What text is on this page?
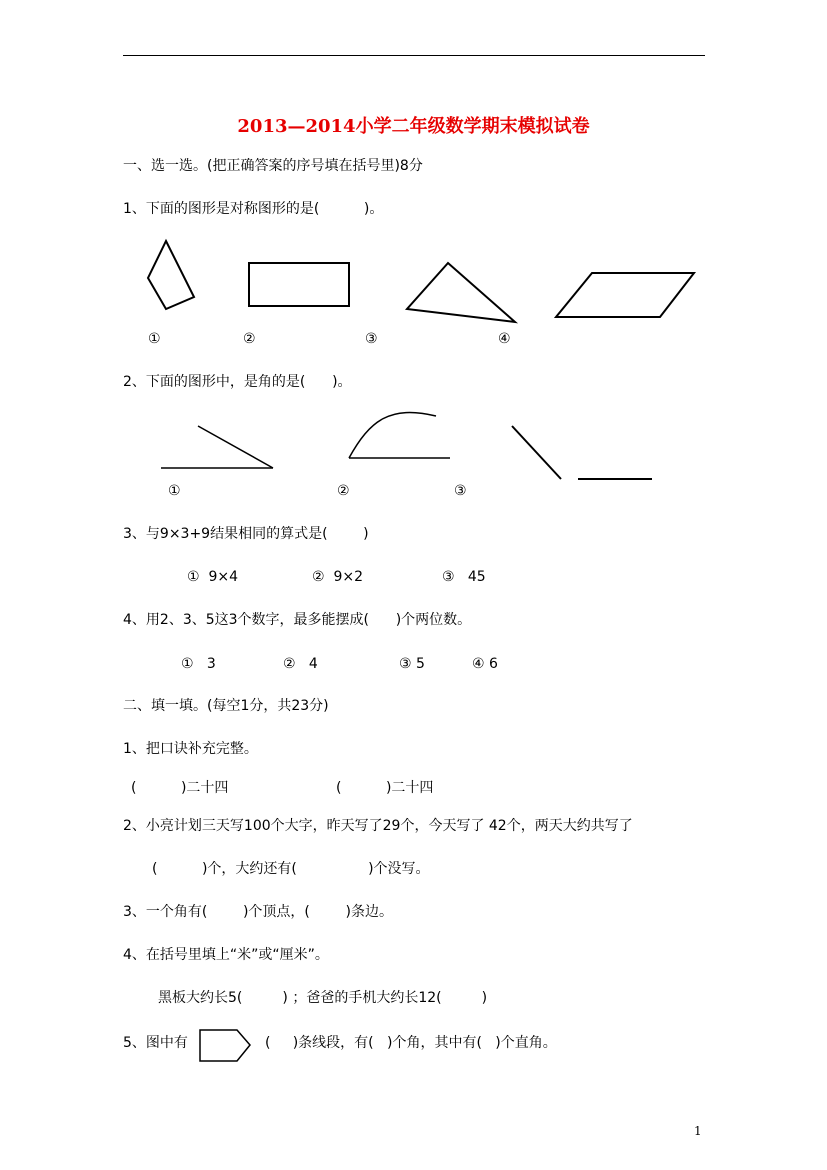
2013—2014小学二年级数学期末模拟试卷
一、选一选。(把正确答案的序号填在括号里)8分
1、下面的图形是对称图形的是(          )。
①	②	③	④
2、下面的图形中，是角的是(      )。
①	②	③
3、与9×3+9结果相同的算式是(        )
①  9×4	②  9×2	③   45
4、用2、3、5这3个数字，最多能摆成(      )个两位数。
①   3	②   4	③ 5	④ 6
二、填一填。(每空1分，共23分)
1、把口诀补充完整。
(          )二十四	(          )二十四
2、小亮计划三天写100个大字，昨天写了29个，今天写了 42个，两天大约共写了
(          )个，大约还有(                )个没写。
3、一个角有(        )个顶点，(        )条边。
4、在括号里填上“米”或“厘米”。
黑板大约长5(         ) ；爸爸的手机大约长12(         )
5、图中有	(     )条线段，有(   )个角，其中有(   )个直角。
1
